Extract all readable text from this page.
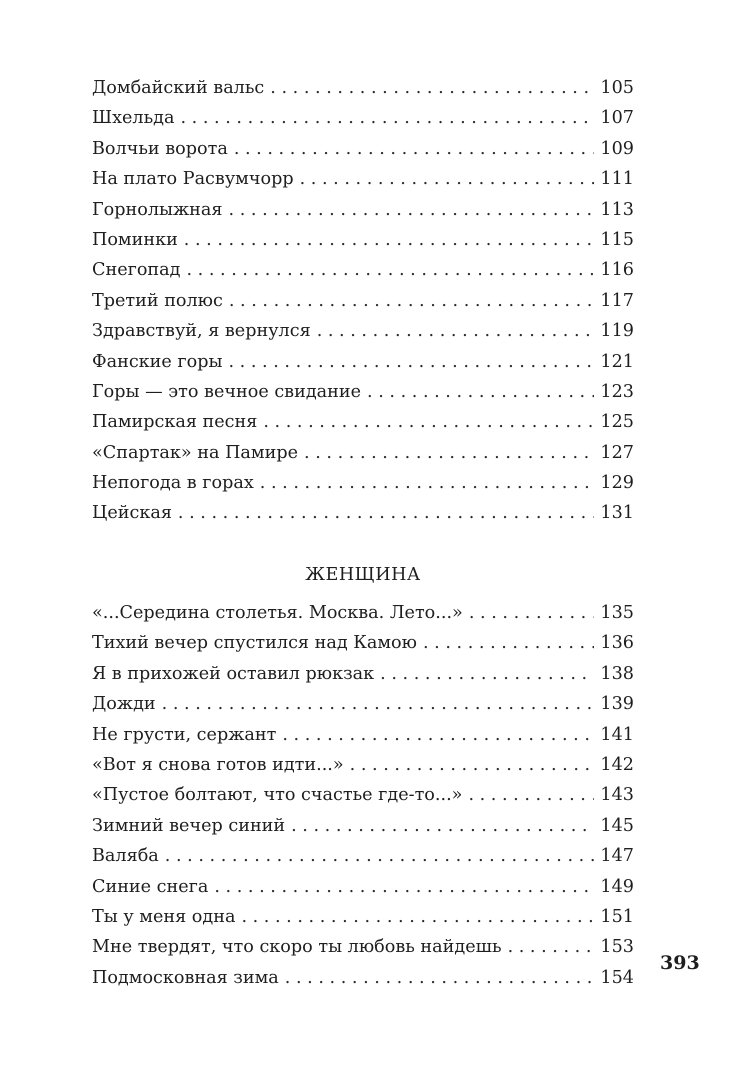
Домбайский вальс . . .	105
Шхельда . . .	107
Волчьи ворота . . .	109
На плато Расвумчорр . . .	111
Горнолыжная . . .	113
Поминки . . .	115
Снегопад . . .	116
Третий полюс . . .	117
Здравствуй, я вернулся . . .	119
Фанские горы . . .	121
Горы — это вечное свидание . . .	123
Памирская песня . . .	125
«Спартак» на Памире . . .	127
Непогода в горах . . .	129
Цейская . . .	131
ЖЕНЩИНА
«...Середина столетья. Москва. Лето...» . . .	135
Тихий вечер спустился над Камою . . .	136
Я в прихожей оставил рюкзак . . .	138
Дожди . . .	139
Не грусти, сержант . . .	141
«Вот я снова готов идти...» . . .	142
«Пустое болтают, что счастье где-то...» . . .	143
Зимний вечер синий . . .	145
Валяба . . .	147
Синие снега . . .	149
Ты у меня одна . . .	151
Мне твердят, что скоро ты любовь найдешь . . .	153
Подмосковная зима . . .	154
393
